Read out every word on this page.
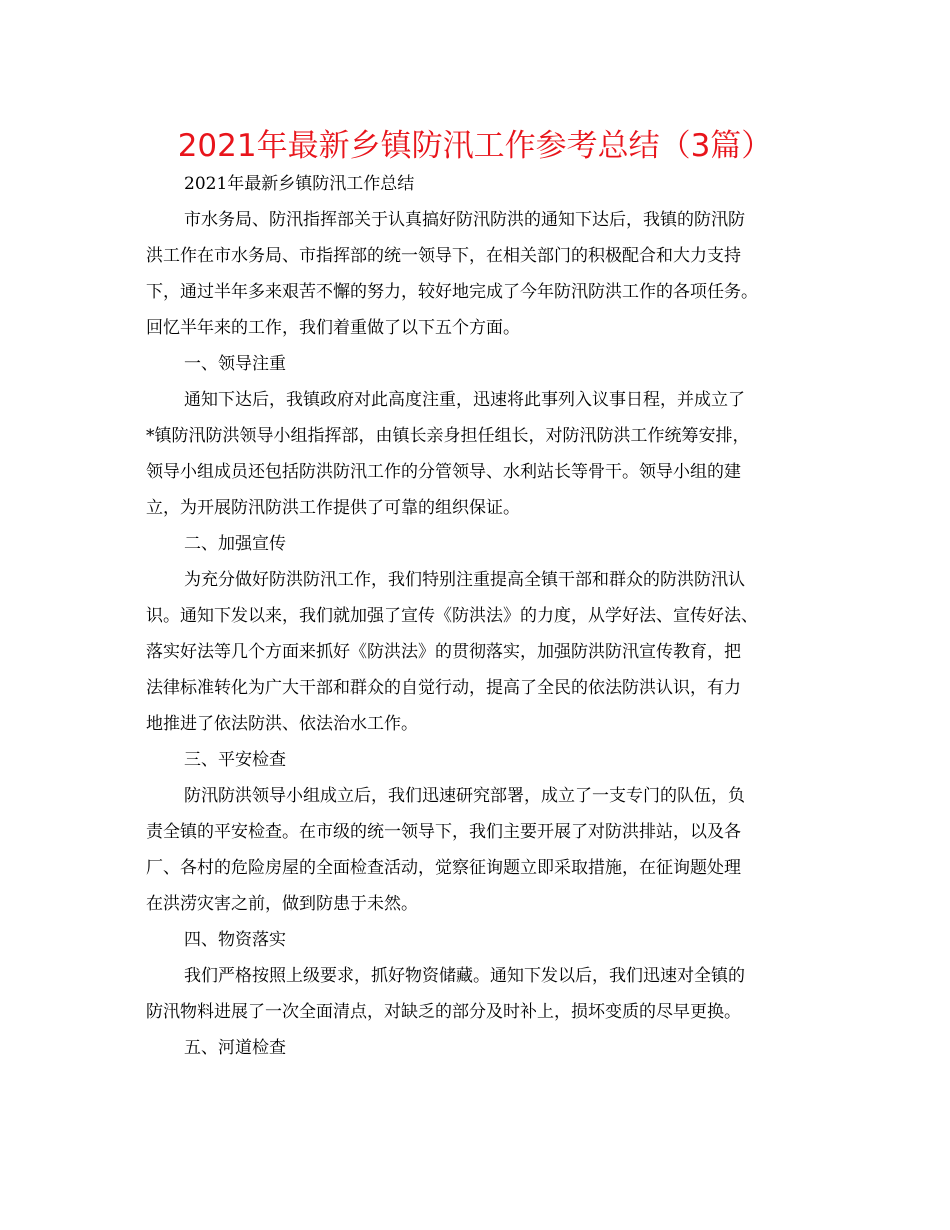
2021年最新乡镇防汛工作参考总结（3篇）
2021年最新乡镇防汛工作总结
市水务局、防汛指挥部关于认真搞好防汛防洪的通知下达后，我镇的防汛防
洪工作在市水务局、市指挥部的统一领导下，在相关部门的积极配合和大力支持
下，通过半年多来艰苦不懈的努力，较好地完成了今年防汛防洪工作的各项任务。
回忆半年来的工作，我们着重做了以下五个方面。
一、领导注重
通知下达后，我镇政府对此高度注重，迅速将此事列入议事日程，并成立了
*镇防汛防洪领导小组指挥部，由镇长亲身担任组长，对防汛防洪工作统筹安排，
领导小组成员还包括防洪防汛工作的分管领导、水利站长等骨干。领导小组的建
立，为开展防汛防洪工作提供了可靠的组织保证。
二、加强宣传
为充分做好防洪防汛工作，我们特别注重提高全镇干部和群众的防洪防汛认
识。通知下发以来，我们就加强了宣传《防洪法》的力度，从学好法、宣传好法、
落实好法等几个方面来抓好《防洪法》的贯彻落实，加强防洪防汛宣传教育，把
法律标准转化为广大干部和群众的自觉行动，提高了全民的依法防洪认识，有力
地推进了依法防洪、依法治水工作。
三、平安检查
防汛防洪领导小组成立后，我们迅速研究部署，成立了一支专门的队伍，负
责全镇的平安检查。在市级的统一领导下，我们主要开展了对防洪排站，以及各
厂、各村的危险房屋的全面检查活动，觉察征询题立即采取措施，在征询题处理
在洪涝灾害之前，做到防患于未然。
四、物资落实
我们严格按照上级要求，抓好物资储藏。通知下发以后，我们迅速对全镇的
防汛物料进展了一次全面清点，对缺乏的部分及时补上，损坏变质的尽早更换。
五、河道检查
